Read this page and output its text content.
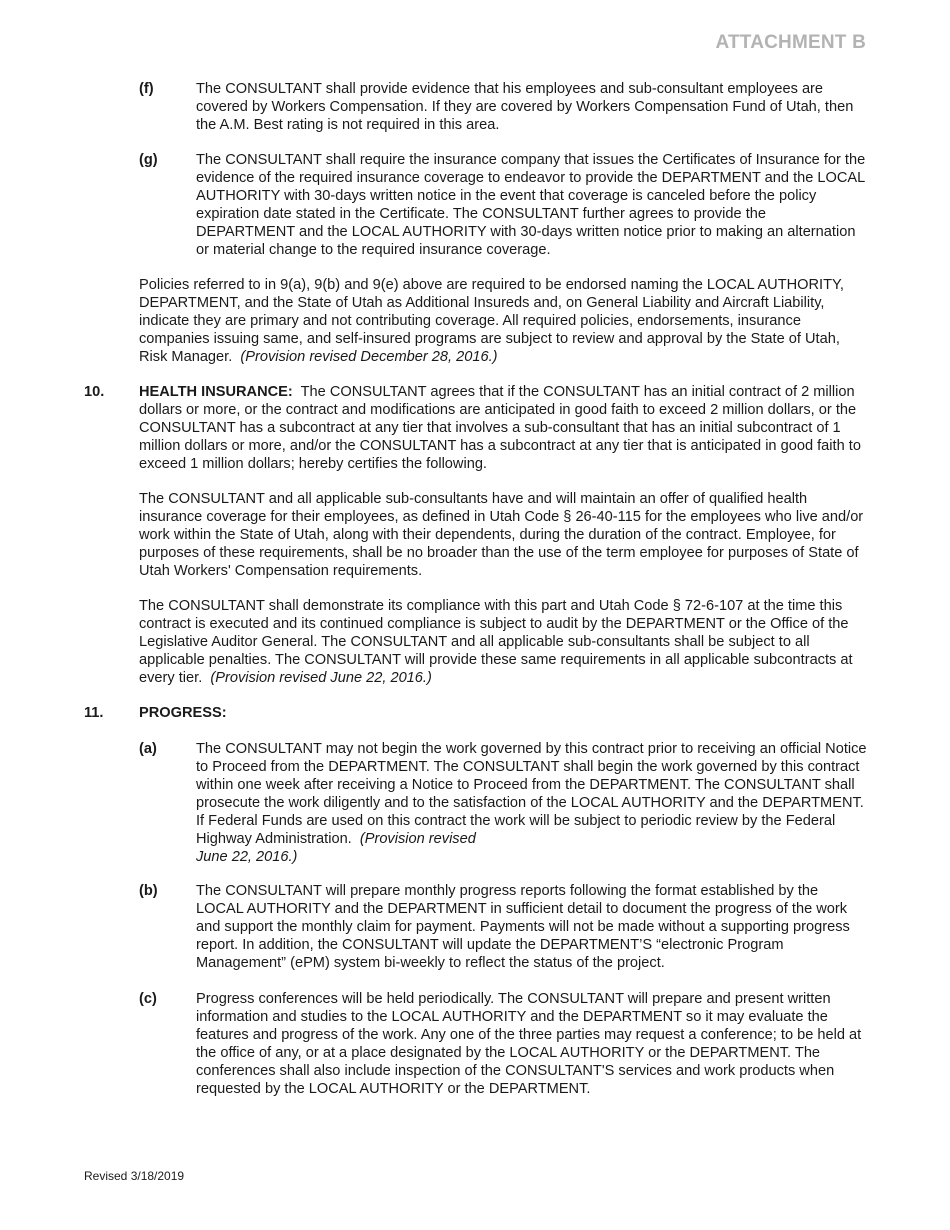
ATTACHMENT B
(f)	The CONSULTANT shall provide evidence that his employees and sub-consultant employees are covered by Workers Compensation. If they are covered by Workers Compensation Fund of Utah, then the A.M. Best rating is not required in this area.
(g)	The CONSULTANT shall require the insurance company that issues the Certificates of Insurance for the evidence of the required insurance coverage to endeavor to provide the DEPARTMENT and the LOCAL AUTHORITY with 30-days written notice in the event that coverage is canceled before the policy expiration date stated in the Certificate. The CONSULTANT further agrees to provide the DEPARTMENT and the LOCAL AUTHORITY with 30-days written notice prior to making an alternation or material change to the required insurance coverage.
Policies referred to in 9(a), 9(b) and 9(e) above are required to be endorsed naming the LOCAL AUTHORITY, DEPARTMENT, and the State of Utah as Additional Insureds and, on General Liability and Aircraft Liability, indicate they are primary and not contributing coverage. All required policies, endorsements, insurance companies issuing same, and self-insured programs are subject to review and approval by the State of Utah, Risk Manager. (Provision revised December 28, 2016.)
10. HEALTH INSURANCE: The CONSULTANT agrees that if the CONSULTANT has an initial contract of 2 million dollars or more, or the contract and modifications are anticipated in good faith to exceed 2 million dollars, or the CONSULTANT has a subcontract at any tier that involves a sub-consultant that has an initial subcontract of 1 million dollars or more, and/or the CONSULTANT has a subcontract at any tier that is anticipated in good faith to exceed 1 million dollars; hereby certifies the following.
The CONSULTANT and all applicable sub-consultants have and will maintain an offer of qualified health insurance coverage for their employees, as defined in Utah Code § 26-40-115 for the employees who live and/or work within the State of Utah, along with their dependents, during the duration of the contract. Employee, for purposes of these requirements, shall be no broader than the use of the term employee for purposes of State of Utah Workers' Compensation requirements.
The CONSULTANT shall demonstrate its compliance with this part and Utah Code § 72-6-107 at the time this contract is executed and its continued compliance is subject to audit by the DEPARTMENT or the Office of the Legislative Auditor General. The CONSULTANT and all applicable sub-consultants shall be subject to all applicable penalties. The CONSULTANT will provide these same requirements in all applicable subcontracts at every tier. (Provision revised June 22, 2016.)
11. PROGRESS:
(a)	The CONSULTANT may not begin the work governed by this contract prior to receiving an official Notice to Proceed from the DEPARTMENT. The CONSULTANT shall begin the work governed by this contract within one week after receiving a Notice to Proceed from the DEPARTMENT. The CONSULTANT shall prosecute the work diligently and to the satisfaction of the LOCAL AUTHORITY and the DEPARTMENT. If Federal Funds are used on this contract the work will be subject to periodic review by the Federal Highway Administration. (Provision revised
June 22, 2016.)
(b)	The CONSULTANT will prepare monthly progress reports following the format established by the LOCAL AUTHORITY and the DEPARTMENT in sufficient detail to document the progress of the work and support the monthly claim for payment. Payments will not be made without a supporting progress report. In addition, the CONSULTANT will update the DEPARTMENT’S “electronic Program Management” (ePM) system bi-weekly to reflect the status of the project.
(c)	Progress conferences will be held periodically. The CONSULTANT will prepare and present written information and studies to the LOCAL AUTHORITY and the DEPARTMENT so it may evaluate the features and progress of the work. Any one of the three parties may request a conference; to be held at the office of any, or at a place designated by the LOCAL AUTHORITY or the DEPARTMENT. The conferences shall also include inspection of the CONSULTANT'S services and work products when requested by the LOCAL AUTHORITY or the DEPARTMENT.
Revised 3/18/2019
